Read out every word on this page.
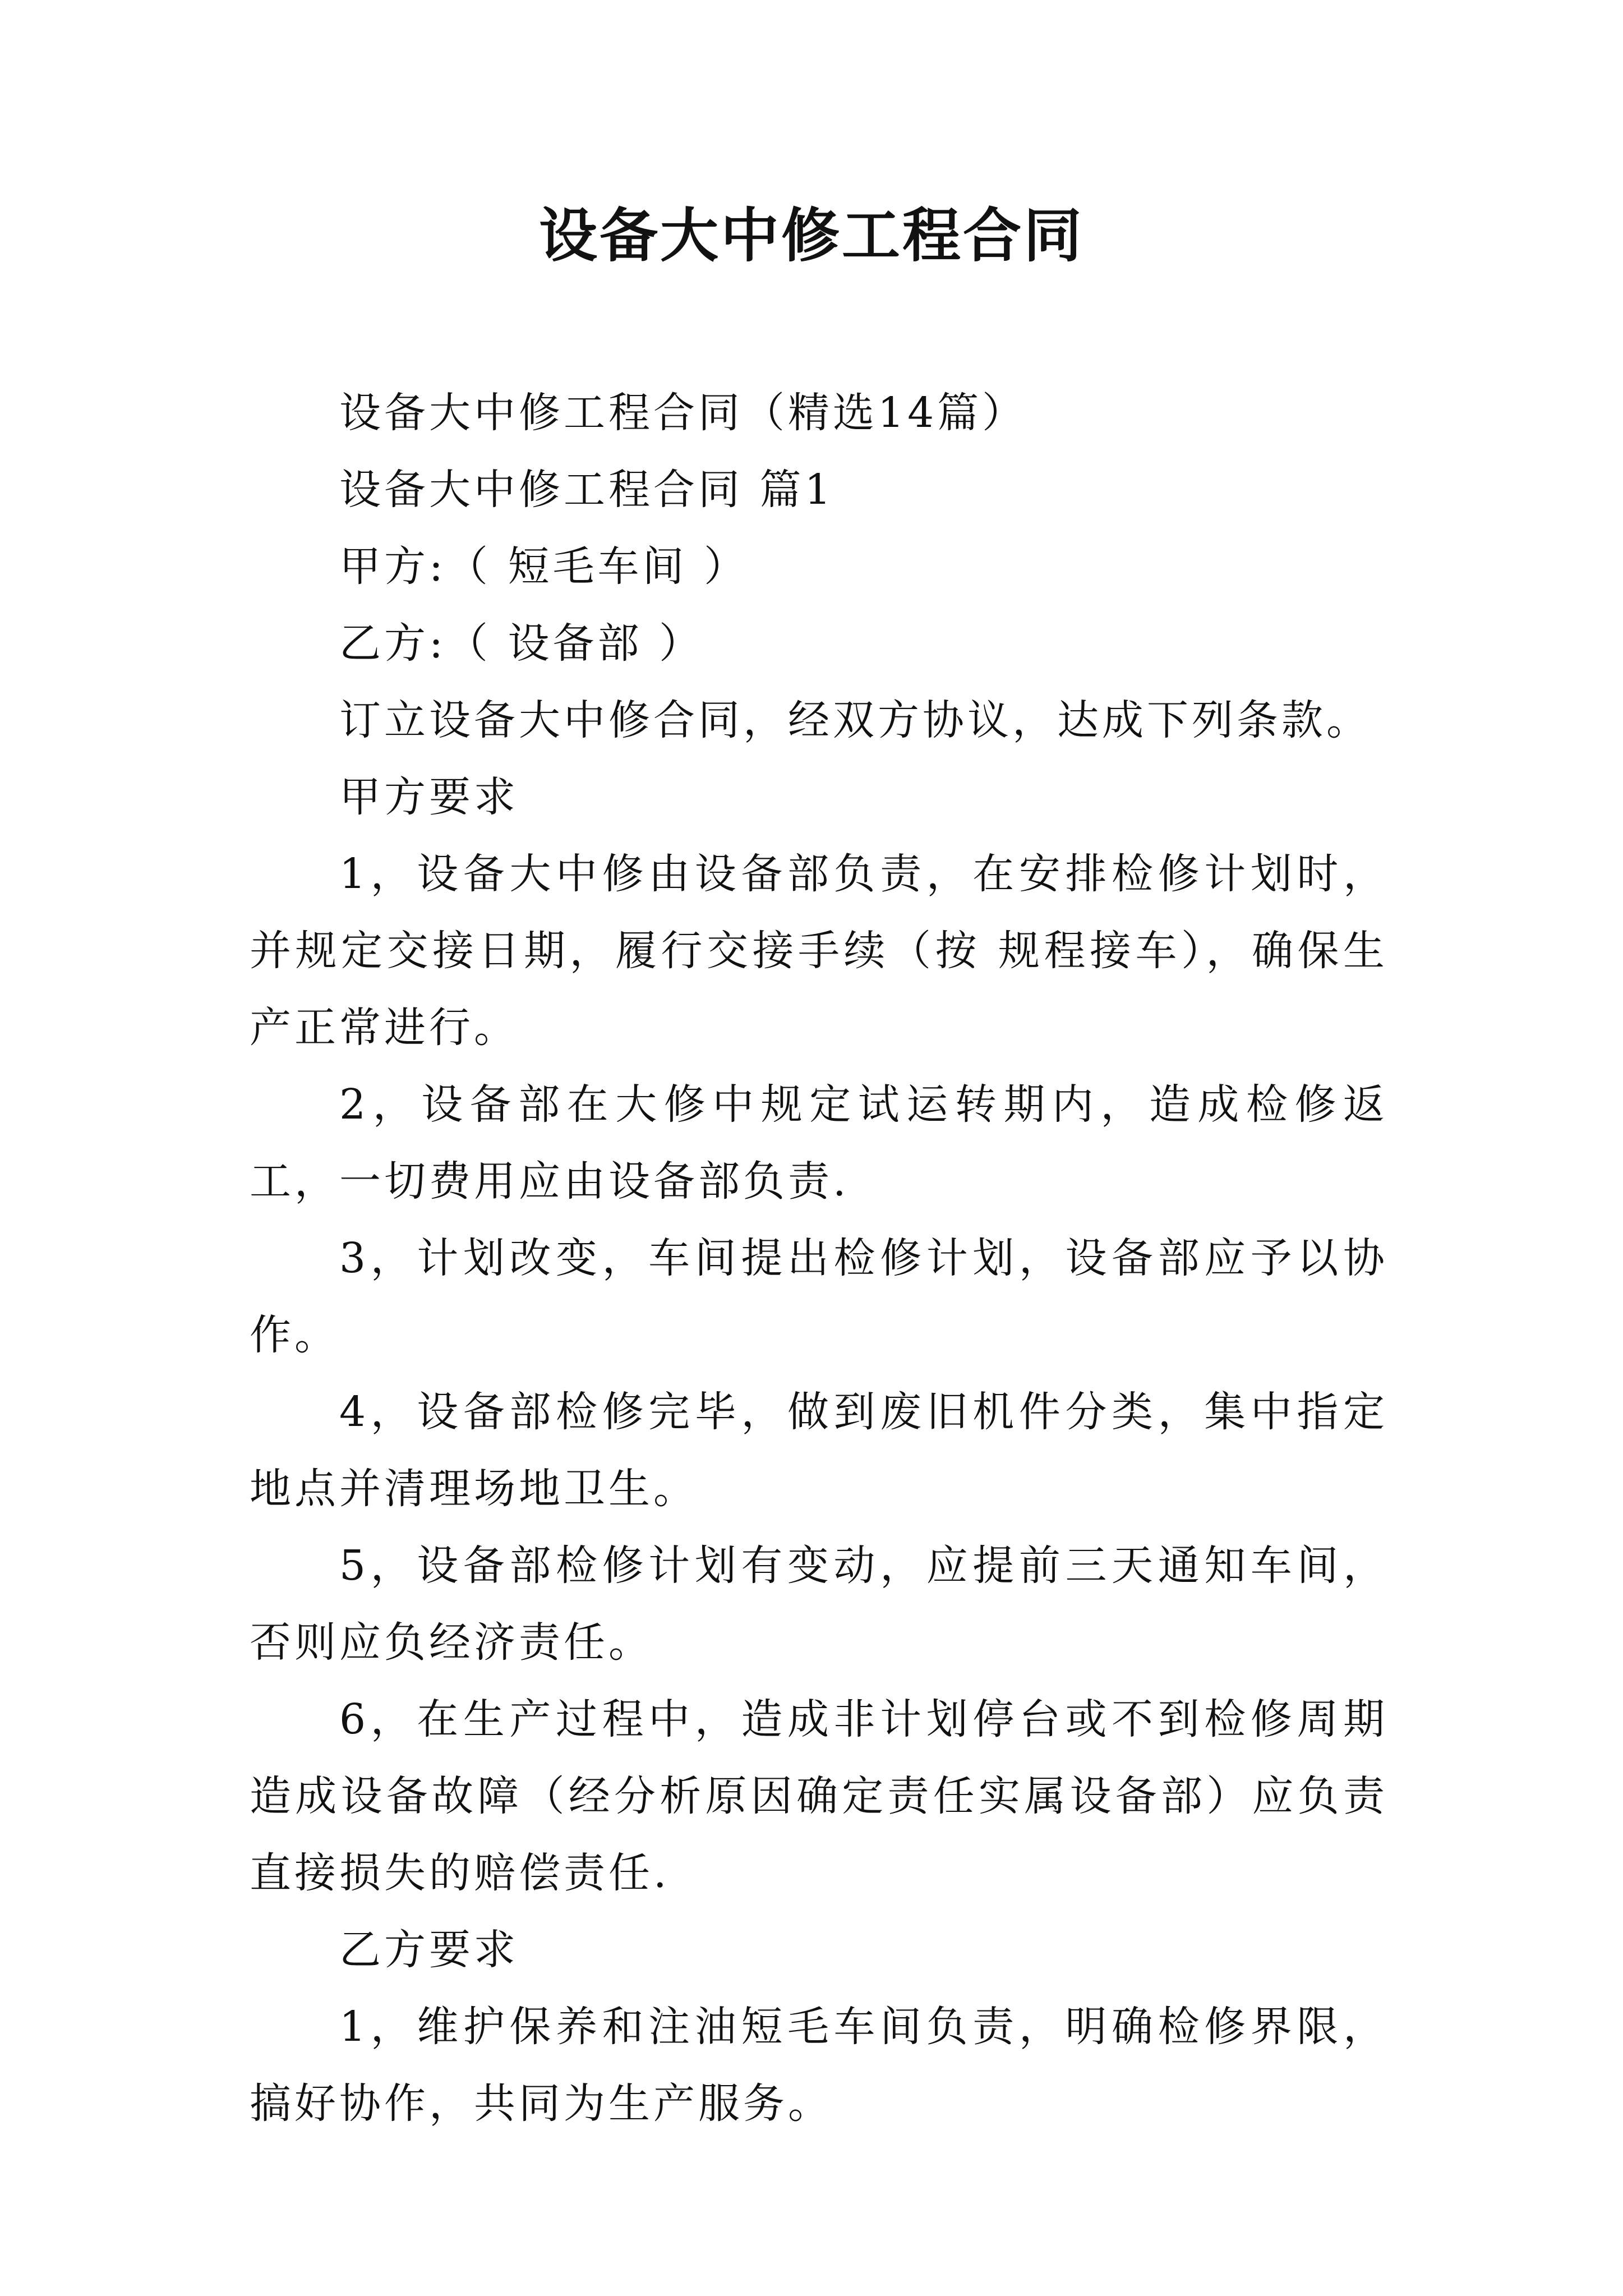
设备大中修工程合同

设备大中修工程合同（精选14篇）

设备大中修工程合同 篇1

甲方:（ 短毛车间 ）

乙方:（ 设备部 ）

订立设备大中修合同，经双方协议，达成下列条款。

甲方要求

1，设备大中修由设备部负责，在安排检修计划时，并规定交接日期，履行交接手续（按 规程接车），确保生产正常进行。

2，设备部在大修中规定试运转期内，造成检修返工，一切费用应由设备部负责.

3，计划改变，车间提出检修计划，设备部应予以协作。

4，设备部检修完毕，做到废旧机件分类，集中指定地点并清理场地卫生。

5，设备部检修计划有变动，应提前三天通知车间，否则应负经济责任。

6，在生产过程中，造成非计划停台或不到检修周期造成设备故障（经分析原因确定责任实属设备部）应负责直接损失的赔偿责任.

乙方要求

1，维护保养和注油短毛车间负责，明确检修界限，搞好协作，共同为生产服务。
